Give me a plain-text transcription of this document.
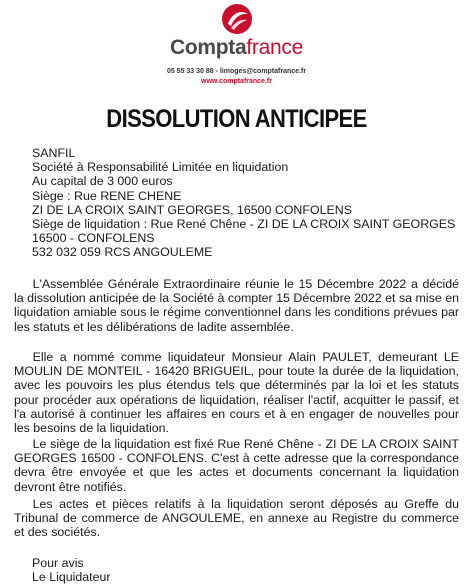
Comptafrance
05 55 33 30 88 - limoges@comptafrance.fr
www.comptafrance.fr
DISSOLUTION ANTICIPEE
SANFIL
Société à Responsabilité Limitée en liquidation
Au capital de 3 000 euros
Siège : Rue RENE CHENE
ZI DE LA CROIX SAINT GEORGES, 16500 CONFOLENS
Siège de liquidation : Rue René Chêne - ZI DE LA CROIX SAINT GEORGES
16500 - CONFOLENS
532 032 059 RCS ANGOULEME
  L'Assemblée Générale Extraordinaire réunie le 15 Décembre 2022 a décidé la dissolution anticipée de la Société à compter 15 Décembre 2022 et sa mise en liquidation amiable sous le régime conventionnel dans les conditions prévues par les statuts et les délibérations de ladite assemblée.
  Elle a nommé comme liquidateur Monsieur Alain PAULET, demeurant LE MOULIN DE MONTEIL - 16420 BRIGUEIL, pour toute la durée de la liquidation, avec les pouvoirs les plus étendus tels que déterminés par la loi et les statuts pour procéder aux opérations de liquidation, réaliser l'actif, acquitter le passif, et l'a autorisé à continuer les affaires en cours et à en engager de nouvelles pour les besoins de la liquidation.
  Le siège de la liquidation est fixé Rue René Chêne - ZI DE LA CROIX SAINT GEORGES 16500 - CONFOLENS. C'est à cette adresse que la correspondance devra être envoyée et que les actes et documents concernant la liquidation devront être notifiés.
  Les actes et pièces relatifs à la liquidation seront déposés au Greffe du Tribunal de commerce de ANGOULEME, en annexe au Registre du commerce et des sociétés.
Pour avis
Le Liquidateur
